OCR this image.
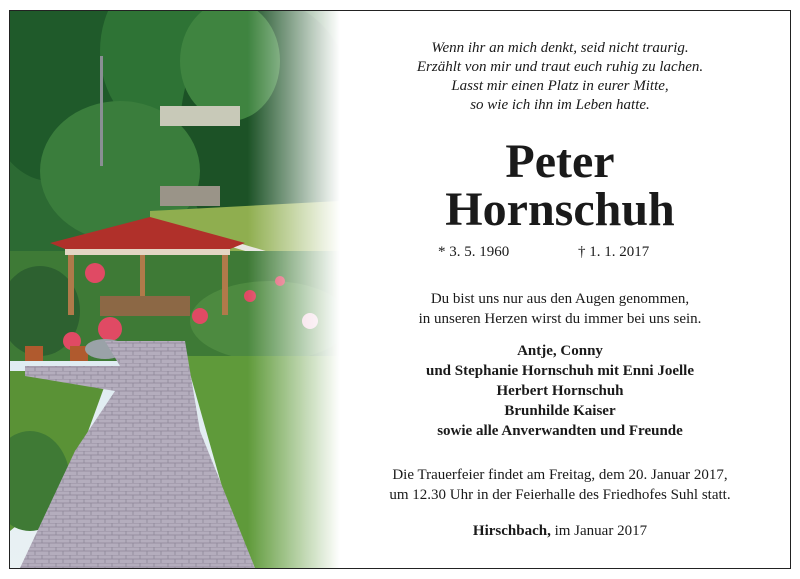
Wenn ihr an mich denkt, seid nicht traurig.
Erzählt von mir und traut euch ruhig zu lachen.
Lasst mir einen Platz in eurer Mitte,
so wie ich ihn im Leben hatte.
Peter
Hornschuh
* 3. 5. 1960	† 1. 1. 2017
Du bist uns nur aus den Augen genommen,
in unseren Herzen wirst du immer bei uns sein.
Antje, Conny
und Stephanie Hornschuh mit Enni Joelle
Herbert Hornschuh
Brunhilde Kaiser
sowie alle Anverwandten und Freunde
Die Trauerfeier findet am Freitag, dem 20. Januar 2017,
um 12.30 Uhr in der Feierhalle des Friedhofes Suhl statt.
Hirschbach, im Januar 2017
